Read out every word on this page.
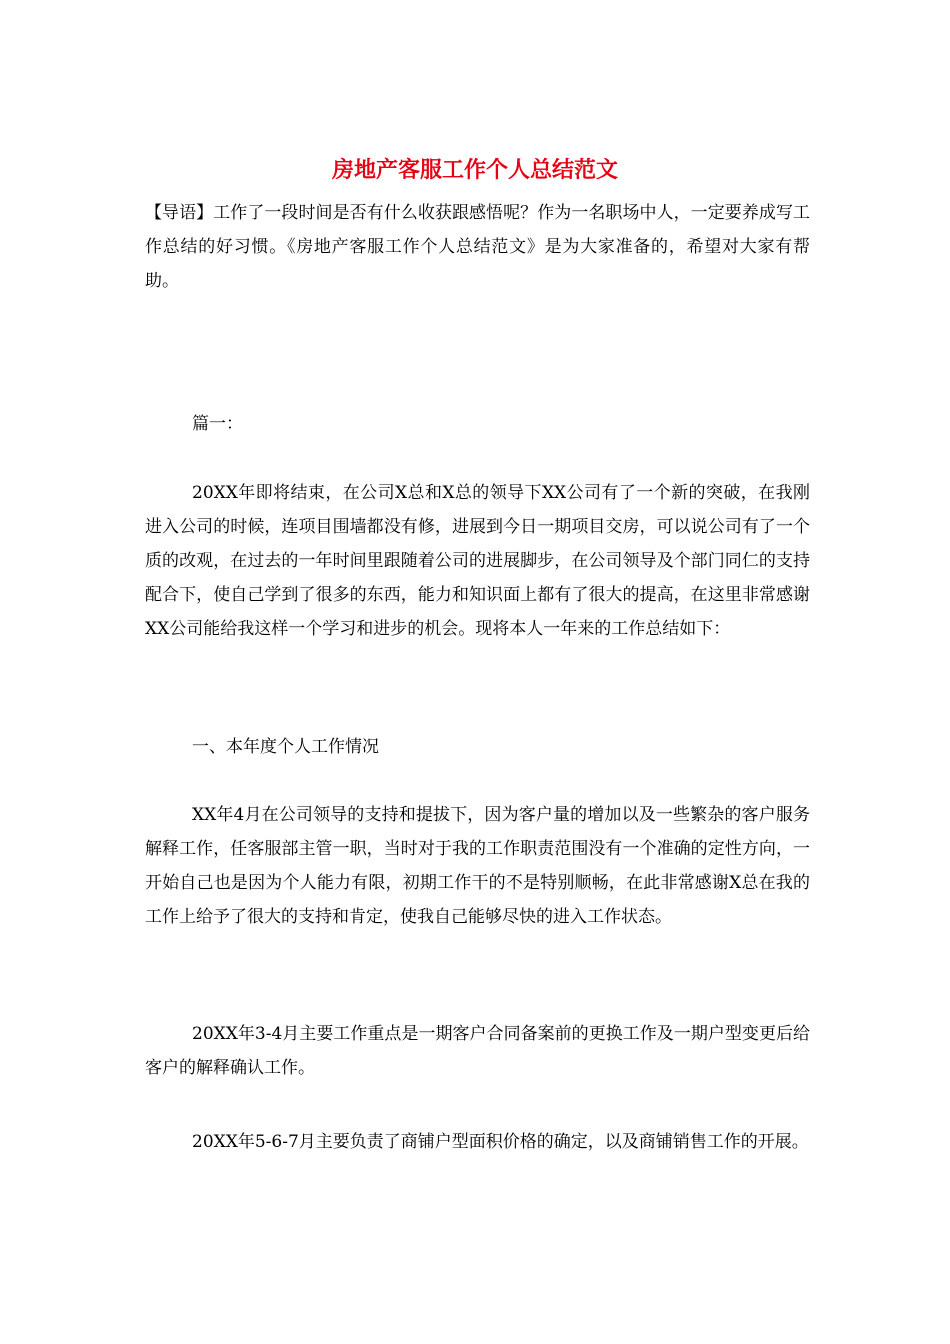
房地产客服工作个人总结范文

【导语】工作了一段时间是否有什么收获跟感悟呢？作为一名职场中人，一定要养成写工作总结的好习惯。《房地产客服工作个人总结范文》是为大家准备的，希望对大家有帮助。

篇一：

20XX年即将结束，在公司X总和X总的领导下XX公司有了一个新的突破，在我刚进入公司的时候，连项目围墙都没有修，进展到今日一期项目交房，可以说公司有了一个质的改观，在过去的一年时间里跟随着公司的进展脚步，在公司领导及个部门同仁的支持配合下，使自己学到了很多的东西，能力和知识面上都有了很大的提高，在这里非常感谢XX公司能给我这样一个学习和进步的机会。现将本人一年来的工作总结如下：

一、本年度个人工作情况

XX年4月在公司领导的支持和提拔下，因为客户量的增加以及一些繁杂的客户服务解释工作，任客服部主管一职，当时对于我的工作职责范围没有一个准确的定性方向，一开始自己也是因为个人能力有限，初期工作干的不是特别顺畅，在此非常感谢X总在我的工作上给予了很大的支持和肯定，使我自己能够尽快的进入工作状态。

20XX年3-4月主要工作重点是一期客户合同备案前的更换工作及一期户型变更后给客户的解释确认工作。

20XX年5-6-7月主要负责了商铺户型面积价格的确定，以及商铺销售工作的开展。
